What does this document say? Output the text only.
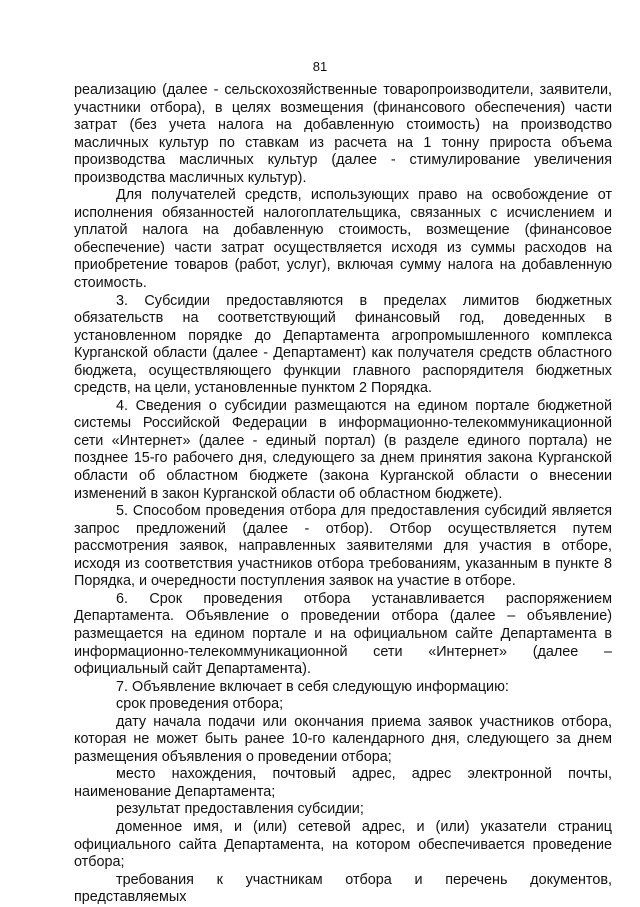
81

реализацию (далее - сельскохозяйственные товаропроизводители, заявители, участники отбора), в целях возмещения (финансового обеспечения) части затрат (без учета налога на добавленную стоимость) на производство масличных культур по ставкам из расчета на 1 тонну прироста объема производства масличных культур (далее - стимулирование увеличения производства масличных культур).

Для получателей средств, использующих право на освобождение от исполнения обязанностей налогоплательщика, связанных с исчислением и уплатой налога на добавленную стоимость, возмещение (финансовое обеспечение) части затрат осуществляется исходя из суммы расходов на приобретение товаров (работ, услуг), включая сумму налога на добавленную стоимость.

3. Субсидии предоставляются в пределах лимитов бюджетных обязательств на соответствующий финансовый год, доведенных в установленном порядке до Департамента агропромышленного комплекса Курганской области (далее - Департамент) как получателя средств областного бюджета, осуществляющего функции главного распорядителя бюджетных средств, на цели, установленные пунктом 2 Порядка.

4. Сведения о субсидии размещаются на едином портале бюджетной системы Российской Федерации в информационно-телекоммуникационной сети «Интернет» (далее - единый портал) (в разделе единого портала) не позднее 15-го рабочего дня, следующего за днем принятия закона Курганской области об областном бюджете (закона Курганской области о внесении изменений в закон Курганской области об областном бюджете).

5. Способом проведения отбора для предоставления субсидий является запрос предложений (далее - отбор). Отбор осуществляется путем рассмотрения заявок, направленных заявителями для участия в отборе, исходя из соответствия участников отбора требованиям, указанным в пункте 8 Порядка, и очередности поступления заявок на участие в отборе.

6. Срок проведения отбора устанавливается распоряжением Департамента. Объявление о проведении отбора (далее – объявление) размещается на едином портале и на официальном сайте Департамента в информационно-телекоммуникационной сети «Интернет» (далее – официальный сайт Департамента).

7. Объявление включает в себя следующую информацию:

срок проведения отбора;

дату начала подачи или окончания приема заявок участников отбора, которая не может быть ранее 10-го календарного дня, следующего за днем размещения объявления о проведении отбора;

место нахождения, почтовый адрес, адрес электронной почты, наименование Департамента;

результат предоставления субсидии;

доменное имя, и (или) сетевой адрес, и (или) указатели страниц официального сайта Департамента, на котором обеспечивается проведение отбора;

требования к участникам отбора и перечень документов, представляемых
